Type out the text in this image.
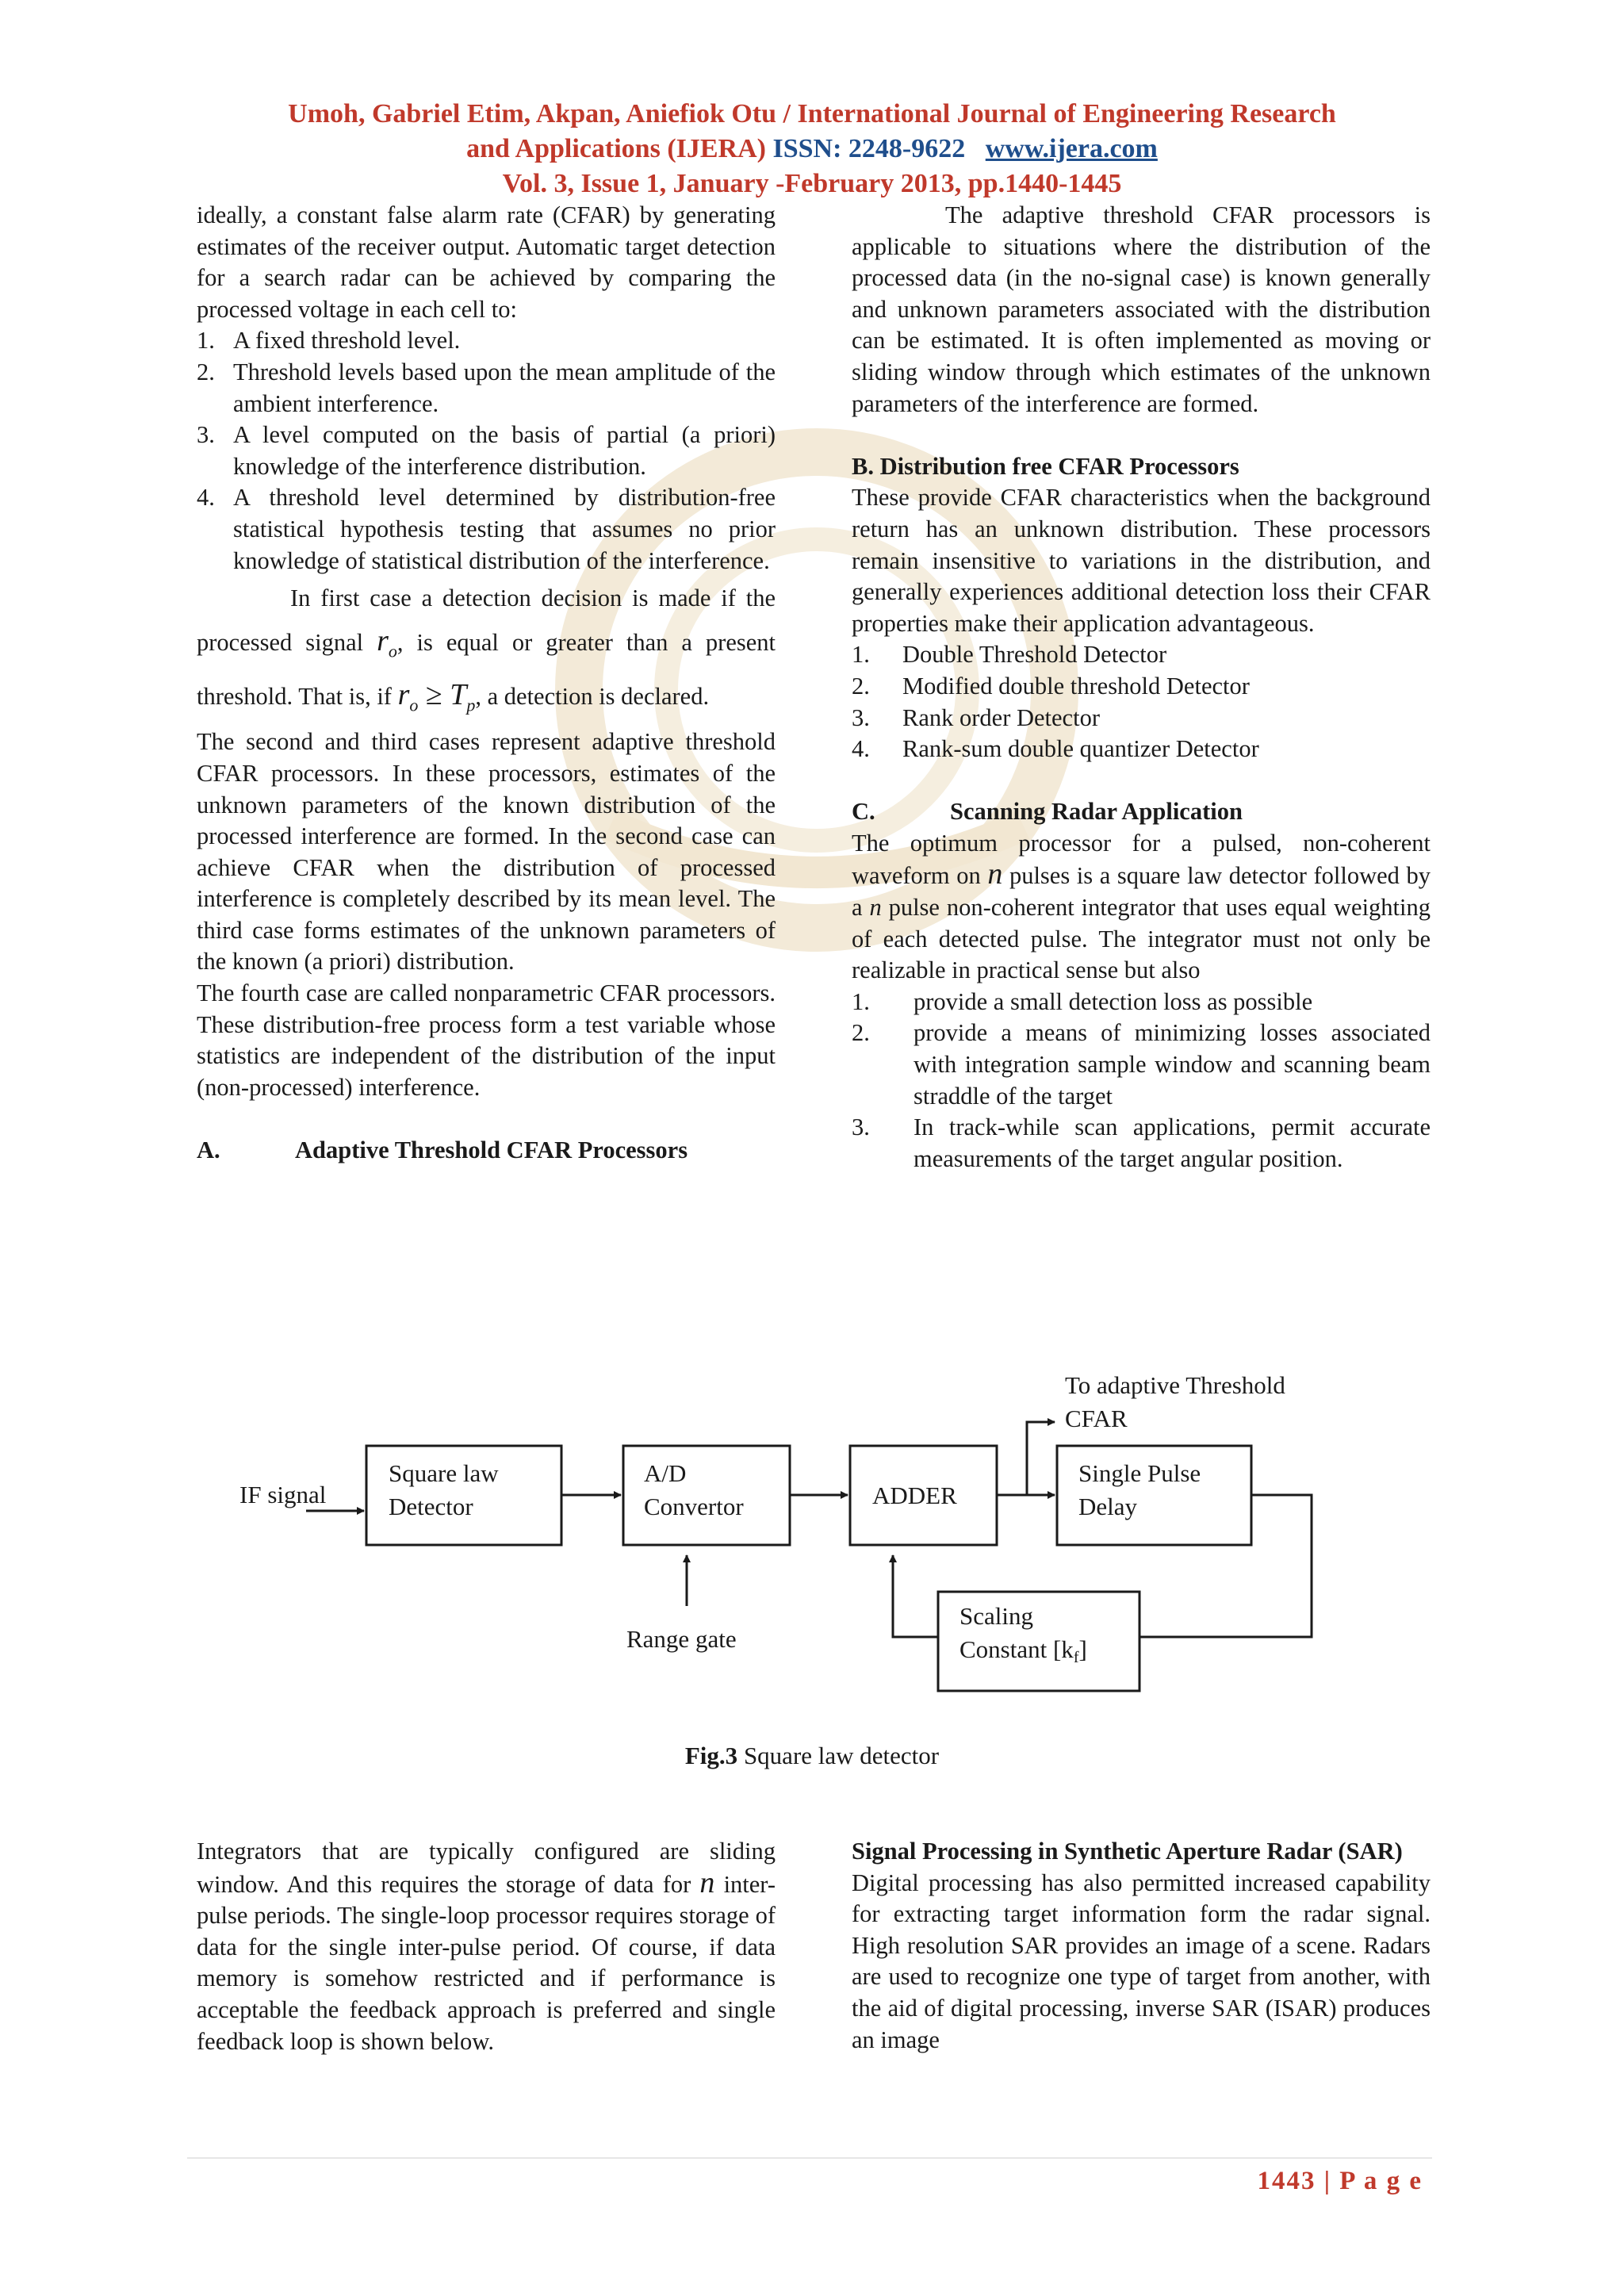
Umoh, Gabriel Etim, Akpan, Aniefiok Otu / International Journal of Engineering Research
and Applications (IJERA) ISSN: 2248-9622 www.ijera.com
Vol. 3, Issue 1, January -February 2013, pp.1440-1445

ideally, a constant false alarm rate (CFAR) by generating estimates of the receiver output. Automatic target detection for a search radar can be achieved by comparing the processed voltage in each cell to:

1. A fixed threshold level.
2. Threshold levels based upon the mean amplitude of the ambient interference.
3. A level computed on the basis of partial (a priori) knowledge of the interference distribution.
4. A threshold level determined by distribution-free statistical hypothesis testing that assumes no prior knowledge of statistical distribution of the interference.

In first case a detection decision is made if the processed signal $r_o$, is equal or greater than a present threshold. That is, if $r_o \ge T_p$, a detection is declared.

The second and third cases represent adaptive threshold CFAR processors. In these processors, estimates of the unknown parameters of the known distribution of the processed interference are formed. In the second case can achieve CFAR when the distribution of processed interference is completely described by its mean level. The third case forms estimates of the unknown parameters of the known (a priori) distribution.

The fourth case are called nonparametric CFAR processors. These distribution-free process form a test variable whose statistics are independent of the distribution of the input (non-processed) interference.

A.	Adaptive Threshold CFAR Processors

The adaptive threshold CFAR processors is applicable to situations where the distribution of the processed data (in the no-signal case) is known generally and unknown parameters associated with the distribution can be estimated. It is often implemented as moving or sliding window through which estimates of the unknown parameters of the interference are formed.

B. Distribution free CFAR Processors

These provide CFAR characteristics when the background return has an unknown distribution. These processors remain insensitive to variations in the distribution, and generally experiences additional detection loss their CFAR properties make their application advantageous.

1. Double Threshold Detector
2. Modified double threshold Detector
3. Rank order Detector
4. Rank-sum double quantizer Detector

C.	Scanning Radar Application

The optimum processor for a pulsed, non-coherent waveform on n pulses is a square law detector followed by a n pulse non-coherent integrator that uses equal weighting of each detected pulse. The integrator must not only be realizable in practical sense but also

1. provide a small detection loss as possible
2. provide a means of minimizing losses associated with integration sample window and scanning beam straddle of the target
3. In track-while scan applications, permit accurate measurements of the target angular position.
IF signal
Square law
Detector
A/D
Convertor	ADDER
Single Pulse
Delay
To adaptive Threshold
CFAR
Range gate
Scaling
Constant [kf]
Fig.3 Square law detector

Integrators that are typically configured are sliding window. And this requires the storage of data for n inter-pulse periods. The single-loop processor requires storage of data for the single inter-pulse period. Of course, if data memory is somehow restricted and if performance is acceptable the feedback approach is preferred and single feedback loop is shown below.

Signal Processing in Synthetic Aperture Radar (SAR)

Digital processing has also permitted increased capability for extracting target information form the radar signal. High resolution SAR provides an image of a scene. Radars are used to recognize one type of target from another, with the aid of digital processing, inverse SAR (ISAR) produces an image

1443 | P a g e
